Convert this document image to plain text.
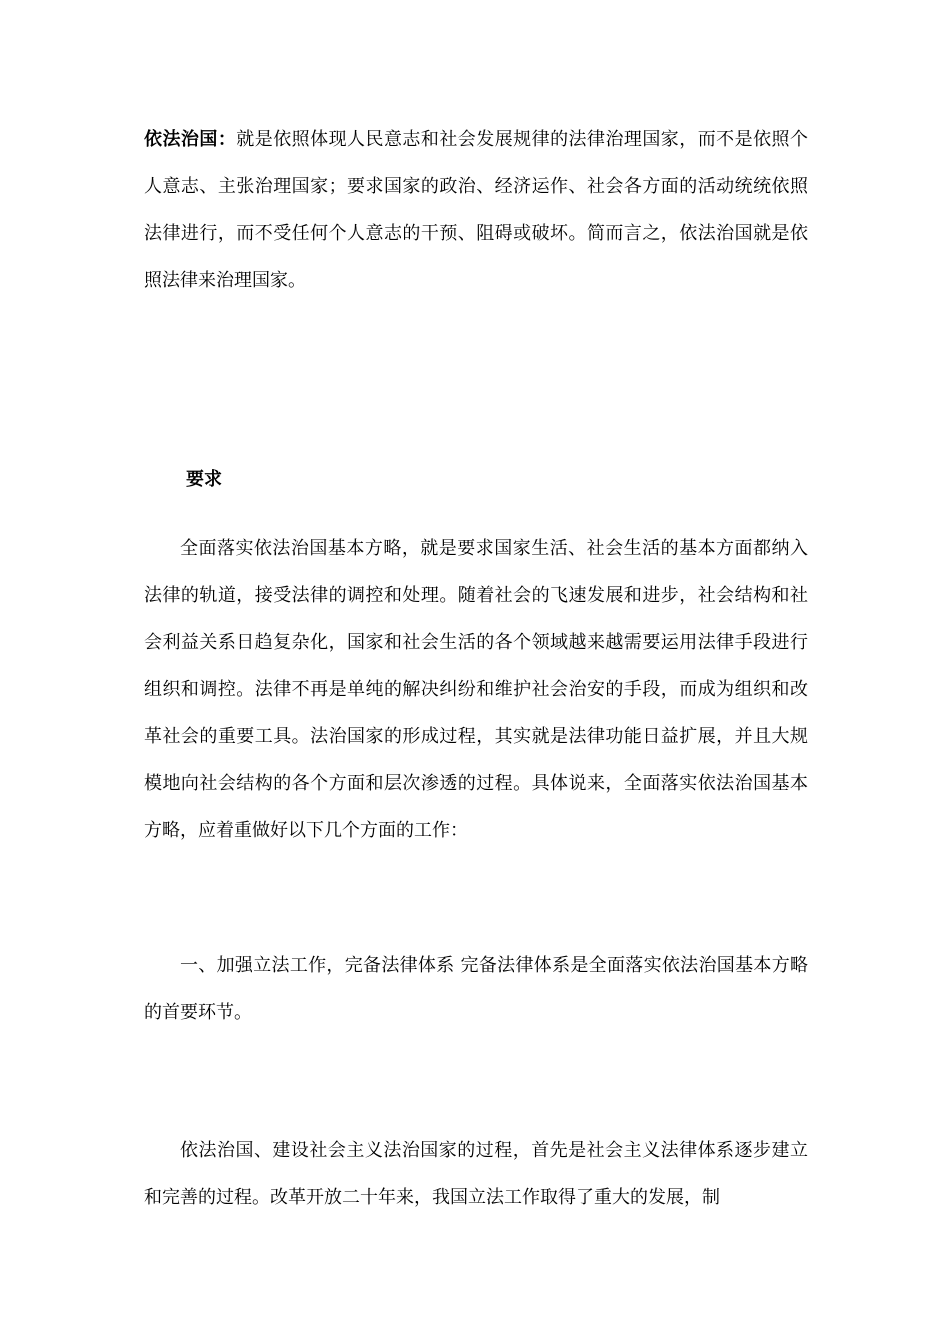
依法治国：就是依照体现人民意志和社会发展规律的法律治理国家，而不是依照个人意志、主张治理国家；要求国家的政治、经济运作、社会各方面的活动统统依照法律进行，而不受任何个人意志的干预、阻碍或破坏。简而言之，依法治国就是依照法律来治理国家。

要求

全面落实依法治国基本方略，就是要求国家生活、社会生活的基本方面都纳入法律的轨道，接受法律的调控和处理。随着社会的飞速发展和进步，社会结构和社会利益关系日趋复杂化，国家和社会生活的各个领域越来越需要运用法律手段进行组织和调控。法律不再是单纯的解决纠纷和维护社会治安的手段，而成为组织和改革社会的重要工具。法治国家的形成过程，其实就是法律功能日益扩展，并且大规模地向社会结构的各个方面和层次渗透的过程。具体说来，全面落实依法治国基本方略，应着重做好以下几个方面的工作：

一、加强立法工作，完备法律体系 完备法律体系是全面落实依法治国基本方略的首要环节。

依法治国、建设社会主义法治国家的过程，首先是社会主义法律体系逐步建立和完善的过程。改革开放二十年来，我国立法工作取得了重大的发展，制
